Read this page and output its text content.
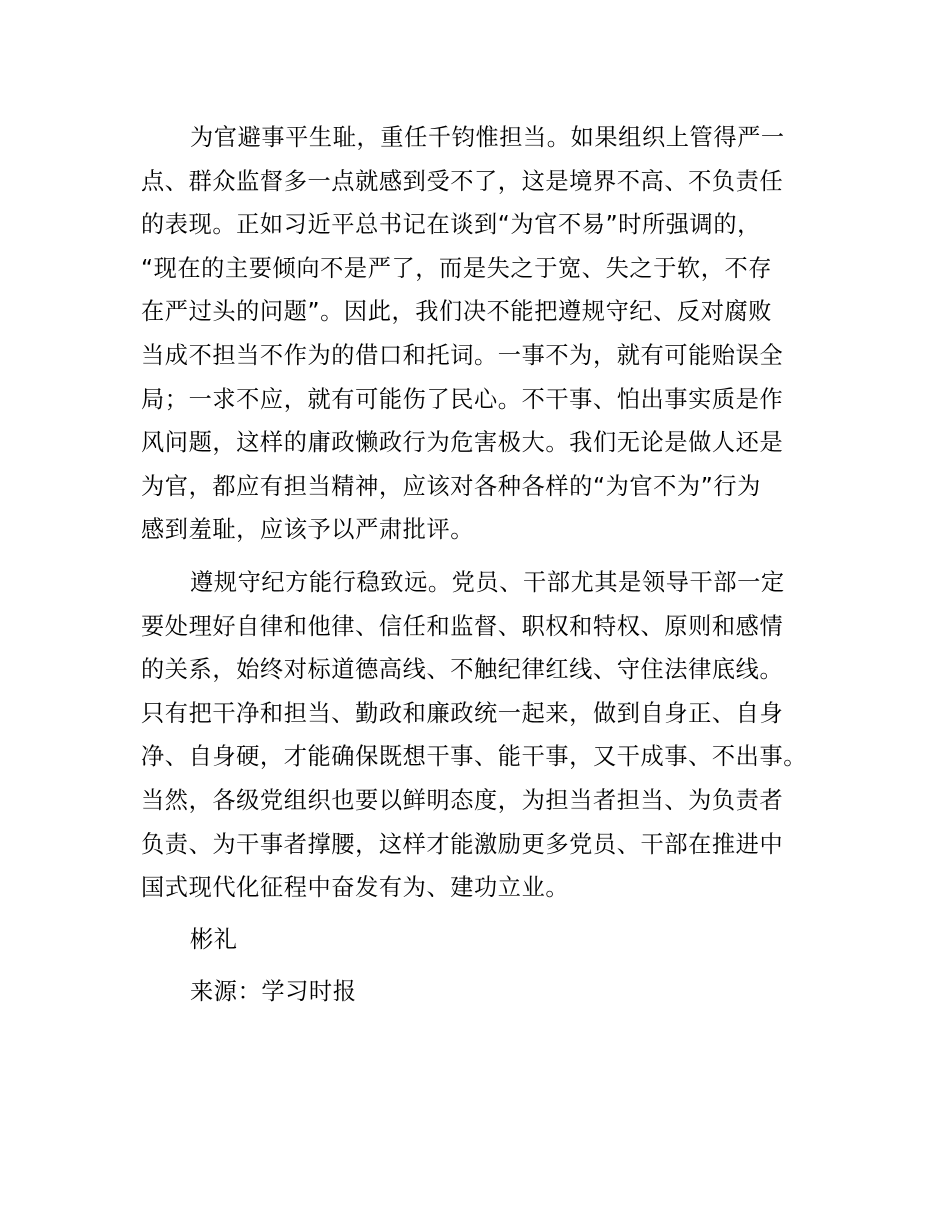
为官避事平生耻，重任千钧惟担当。如果组织上管得严一
点、群众监督多一点就感到受不了，这是境界不高、不负责任
的表现。正如习近平总书记在谈到“为官不易”时所强调的，
“现在的主要倾向不是严了，而是失之于宽、失之于软，不存
在严过头的问题”。因此，我们决不能把遵规守纪、反对腐败
当成不担当不作为的借口和托词。一事不为，就有可能贻误全
局；一求不应，就有可能伤了民心。不干事、怕出事实质是作
风问题，这样的庸政懒政行为危害极大。我们无论是做人还是
为官，都应有担当精神，应该对各种各样的“为官不为”行为
感到羞耻，应该予以严肃批评。
遵规守纪方能行稳致远。党员、干部尤其是领导干部一定
要处理好自律和他律、信任和监督、职权和特权、原则和感情
的关系，始终对标道德高线、不触纪律红线、守住法律底线。
只有把干净和担当、勤政和廉政统一起来，做到自身正、自身
净、自身硬，才能确保既想干事、能干事，又干成事、不出事。
当然，各级党组织也要以鲜明态度，为担当者担当、为负责者
负责、为干事者撑腰，这样才能激励更多党员、干部在推进中
国式现代化征程中奋发有为、建功立业。
彬礼
来源：学习时报
